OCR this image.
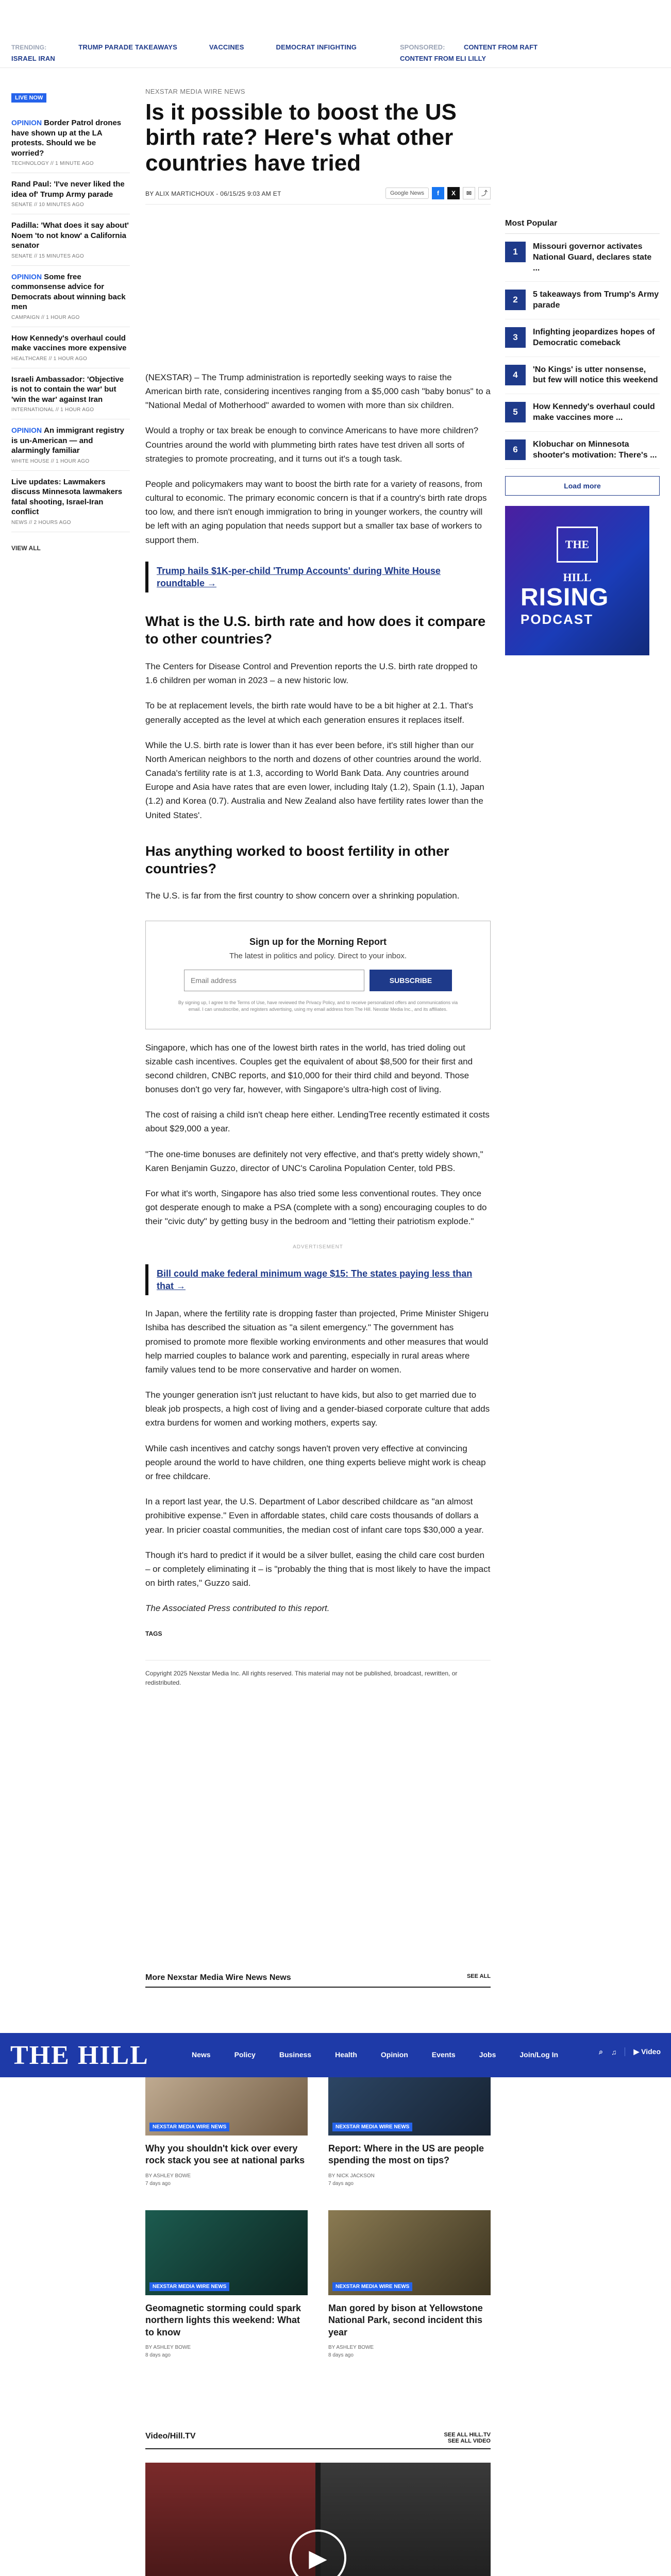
TRENDING:	TRUMP PARADE TAKEAWAYS	VACCINES	DEMOCRAT INFIGHTING
ISRAEL IRAN
SPONSORED:	CONTENT FROM RAFT
CONTENT FROM ELI LILLY
LIVE NOW
OPINION Border Patrol drones have shown up at the LA protests. Should we be worried?
TECHNOLOGY // 1 MINUTE AGO
Rand Paul: 'I've never liked the idea of' Trump Army parade
SENATE // 10 MINUTES AGO
Padilla: 'What does it say about' Noem 'to not know' a California senator
SENATE // 15 MINUTES AGO
OPINION Some free commonsense advice for Democrats about winning back men
CAMPAIGN // 1 HOUR AGO
How Kennedy's overhaul could make vaccines more expensive
HEALTHCARE // 1 HOUR AGO
Israeli Ambassador: 'Objective is not to contain the war' but 'win the war' against Iran
INTERNATIONAL // 1 HOUR AGO
OPINION An immigrant registry is un-American — and alarmingly familiar
WHITE HOUSE // 1 HOUR AGO
Live updates: Lawmakers discuss Minnesota lawmakers fatal shooting, Israel-Iran conflict
NEWS // 2 HOURS AGO
VIEW ALL
NEXSTAR MEDIA WIRE NEWS
Is it possible to boost the US birth rate? Here's what other countries have tried
BY ALIX MARTICHOUX - 06/15/25 9:03 AM ET	Google News	f	X	✉	⤴

(NEXSTAR) – The Trump administration is reportedly seeking ways to raise the American birth rate, considering incentives ranging from a $5,000 cash "baby bonus" to a "National Medal of Motherhood" awarded to women with more than six children.

Would a trophy or tax break be enough to convince Americans to have more children? Countries around the world with plummeting birth rates have test driven all sorts of strategies to promote procreating, and it turns out it's a tough task.

People and policymakers may want to boost the birth rate for a variety of reasons, from cultural to economic. The primary economic concern is that if a country's birth rate drops too low, and there isn't enough immigration to bring in younger workers, the country will be left with an aging population that needs support but a smaller tax base of workers to support them.

Trump hails $1K-per-child 'Trump Accounts' during White House roundtable →
What is the U.S. birth rate and how does it compare to other countries?

The Centers for Disease Control and Prevention reports the U.S. birth rate dropped to 1.6 children per woman in 2023 – a new historic low.

To be at replacement levels, the birth rate would have to be a bit higher at 2.1. That's generally accepted as the level at which each generation ensures it replaces itself.

While the U.S. birth rate is lower than it has ever been before, it's still higher than our North American neighbors to the north and dozens of other countries around the world. Canada's fertility rate is at 1.3, according to World Bank Data. Any countries around Europe and Asia have rates that are even lower, including Italy (1.2), Spain (1.1), Japan (1.2) and Korea (0.7). Australia and New Zealand also have fertility rates lower than the United States'.

Has anything worked to boost fertility in other countries?

The U.S. is far from the first country to show concern over a shrinking population.

Sign up for the Morning Report
The latest in politics and policy. Direct to your inbox.
Email address
SUBSCRIBE
By signing up, I agree to the Terms of Use, have reviewed the Privacy Policy, and to receive personalized offers and communications via email. I can unsubscribe, and registers advertising, using my email address from The Hill. Nexstar Media Inc., and its affiliates.

Singapore, which has one of the lowest birth rates in the world, has tried doling out sizable cash incentives. Couples get the equivalent of about $8,500 for their first and second children, CNBC reports, and $10,000 for their third child and beyond. Those bonuses don't go very far, however, with Singapore's ultra-high cost of living.

The cost of raising a child isn't cheap here either. LendingTree recently estimated it costs about $29,000 a year.

"The one-time bonuses are definitely not very effective, and that's pretty widely shown," Karen Benjamin Guzzo, director of UNC's Carolina Population Center, told PBS.

For what it's worth, Singapore has also tried some less conventional routes. They once got desperate enough to make a PSA (complete with a song) encouraging couples to do their "civic duty" by getting busy in the bedroom and "letting their patriotism explode."

ADVERTISEMENT
Bill could make federal minimum wage $15: The states paying less than that →

In Japan, where the fertility rate is dropping faster than projected, Prime Minister Shigeru Ishiba has described the situation as "a silent emergency." The government has promised to promote more flexible working environments and other measures that would help married couples to balance work and parenting, especially in rural areas where family values tend to be more conservative and harder on women.

The younger generation isn't just reluctant to have kids, but also to get married due to bleak job prospects, a high cost of living and a gender-biased corporate culture that adds extra burdens for women and working mothers, experts say.

While cash incentives and catchy songs haven't proven very effective at convincing people around the world to have children, one thing experts believe might work is cheap or free childcare.

In a report last year, the U.S. Department of Labor described childcare as "an almost prohibitive expense." Even in affordable states, child care costs thousands of dollars a year. In pricier coastal communities, the median cost of infant care tops $30,000 a year.

Though it's hard to predict if it would be a silver bullet, easing the child care cost burden – or completely eliminating it – is "probably the thing that is most likely to have the impact on birth rates," Guzzo said.

The Associated Press contributed to this report.

TAGS
Copyright 2025 Nexstar Media Inc. All rights reserved. This material may not be published, broadcast, rewritten, or redistributed.
Most Popular
1
Missouri governor activates National Guard, declares state ...
2
5 takeaways from Trump's Army parade
3
Infighting jeopardizes hopes of Democratic comeback
4
'No Kings' is utter nonsense, but few will notice this weekend
5
How Kennedy's overhaul could make vaccines more ...
6
Klobuchar on Minnesota shooter's motivation: There's ...
Load more
THE HILL
RISING
PODCAST
More Nexstar Media Wire News News	SEE ALL
NEXSTAR MEDIA WIRE NEWS
Why you shouldn't kick over every rock stack you see at national parks
BY ASHLEY BOWE
7 days ago
NEXSTAR MEDIA WIRE NEWS
Report: Where in the US are people spending the most on tips?
BY NICK JACKSON
7 days ago
NEXSTAR MEDIA WIRE NEWS
Geomagnetic storming could spark northern lights this weekend: What to know
BY ASHLEY BOWE
8 days ago
NEXSTAR MEDIA WIRE NEWS
Man gored by bison at Yellowstone National Park, second incident this year
BY ASHLEY BOWE
8 days ago
THE HILL	News	Policy	Business	Health	Opinion	Events	Jobs	Join/Log In	⌕ ♫	▶ Video
Video/Hill.TV	SEE ALL HILL.TV
SEE ALL VIDEO
▶
